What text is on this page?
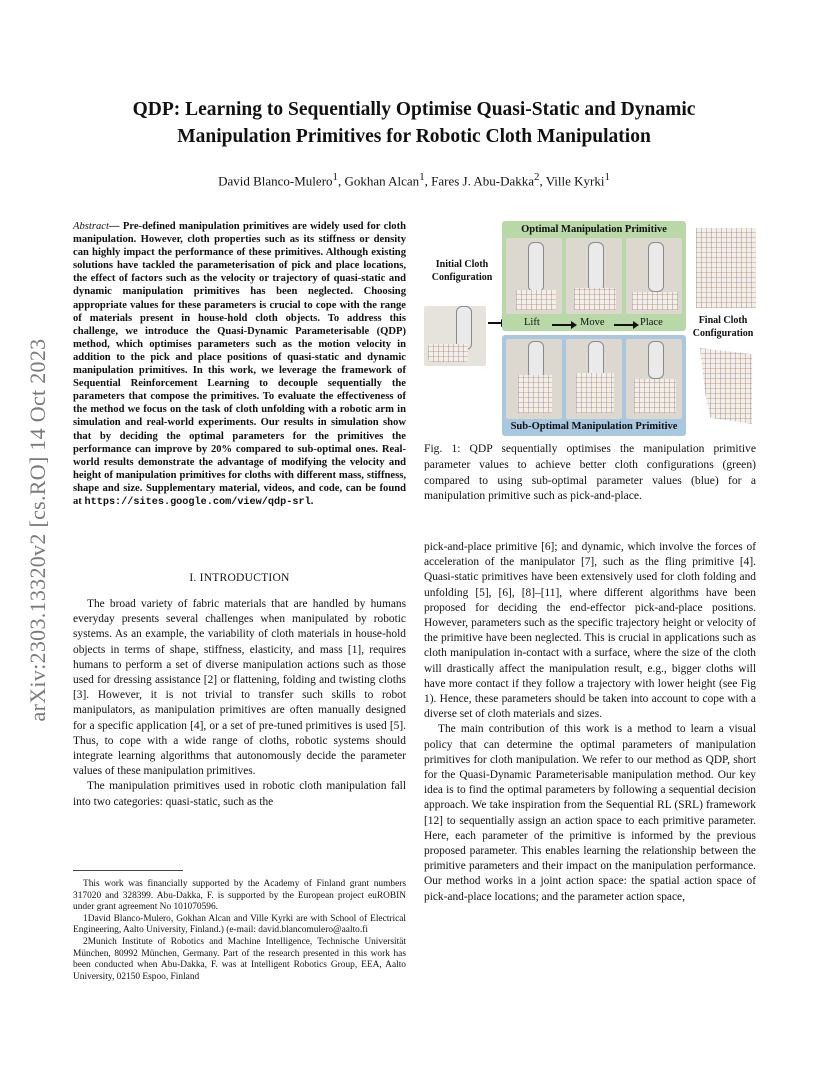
arXiv:2303.13320v2 [cs.RO] 14 Oct 2023
QDP: Learning to Sequentially Optimise Quasi-Static and Dynamic
Manipulation Primitives for Robotic Cloth Manipulation
David Blanco-Mulero$^1$, Gokhan Alcan$^1$, Fares J. Abu-Dakka$^2$, Ville Kyrki$^1$
Abstract— Pre-defined manipulation primitives are widely used for cloth manipulation. However, cloth properties such as its stiffness or density can highly impact the performance of these primitives. Although existing solutions have tackled the parameterisation of pick and place locations, the effect of factors such as the velocity or trajectory of quasi-static and dynamic manipulation primitives has been neglected. Choosing appropriate values for these parameters is crucial to cope with the range of materials present in house-hold cloth objects. To address this challenge, we introduce the Quasi-Dynamic Parameterisable (QDP) method, which optimises parameters such as the motion velocity in addition to the pick and place positions of quasi-static and dynamic manipulation primitives. In this work, we leverage the framework of Sequential Reinforcement Learning to decouple sequentially the parameters that compose the primitives. To evaluate the effectiveness of the method we focus on the task of cloth unfolding with a robotic arm in simulation and real-world experiments. Our results in simulation show that by deciding the optimal parameters for the primitives the performance can improve by 20% compared to sub-optimal ones. Real-world results demonstrate the advantage of modifying the velocity and height of manipulation primitives for cloths with different mass, stiffness, shape and size. Supplementary material, videos, and code, can be found at https://sites.google.com/view/qdp-srl.
I. INTRODUCTION

The broad variety of fabric materials that are handled by humans everyday presents several challenges when manipulated by robotic systems. As an example, the variability of cloth materials in house-hold objects in terms of shape, stiffness, elasticity, and mass [1], requires humans to perform a set of diverse manipulation actions such as those used for dressing assistance [2] or flattening, folding and twisting cloths [3]. However, it is not trivial to transfer such skills to robot manipulators, as manipulation primitives are often manually designed for a specific application [4], or a set of pre-tuned primitives is used [5]. Thus, to cope with a wide range of cloths, robotic systems should integrate learning algorithms that autonomously decide the parameter values of these manipulation primitives.

The manipulation primitives used in robotic cloth manipulation fall into two categories: quasi-static, such as the

This work was financially supported by the Academy of Finland grant numbers 317020 and 328399. Abu-Dakka, F. is supported by the European project euROBIN under grant agreement No 101070596.

1David Blanco-Mulero, Gokhan Alcan and Ville Kyrki are with School of Electrical Engineering, Aalto University, Finland.) (e-mail: david.blancomulero@aalto.fi

2Munich Institute of Robotics and Machine Intelligence, Technische Universität München, 80992 München, Germany. Part of the research presented in this work has been conducted when Abu-Dakka, F. was at Intelligent Robotics Group, EEA, Aalto University, 02150 Espoo, Finland

Initial Cloth Configuration
Optimal Manipulation Primitive
Lift	Move	Place
Sub-Optimal Manipulation Primitive
Final Cloth Configuration
Fig. 1: QDP sequentially optimises the manipulation primitive parameter values to achieve better cloth configurations (green) compared to using sub-optimal parameter values (blue) for a manipulation primitive such as pick-and-place.

pick-and-place primitive [6]; and dynamic, which involve the forces of acceleration of the manipulator [7], such as the fling primitive [4]. Quasi-static primitives have been extensively used for cloth folding and unfolding [5], [6], [8]–[11], where different algorithms have been proposed for deciding the end-effector pick-and-place positions. However, parameters such as the specific trajectory height or velocity of the primitive have been neglected. This is crucial in applications such as cloth manipulation in-contact with a surface, where the size of the cloth will drastically affect the manipulation result, e.g., bigger cloths will have more contact if they follow a trajectory with lower height (see Fig 1). Hence, these parameters should be taken into account to cope with a diverse set of cloth materials and sizes.

The main contribution of this work is a method to learn a visual policy that can determine the optimal parameters of manipulation primitives for cloth manipulation. We refer to our method as QDP, short for the Quasi-Dynamic Parameterisable manipulation method. Our key idea is to find the optimal parameters by following a sequential decision approach. We take inspiration from the Sequential RL (SRL) framework [12] to sequentially assign an action space to each primitive parameter. Here, each parameter of the primitive is informed by the previous proposed parameter. This enables learning the relationship between the primitive parameters and their impact on the manipulation performance. Our method works in a joint action space: the spatial action space of pick-and-place locations; and the parameter action space,
